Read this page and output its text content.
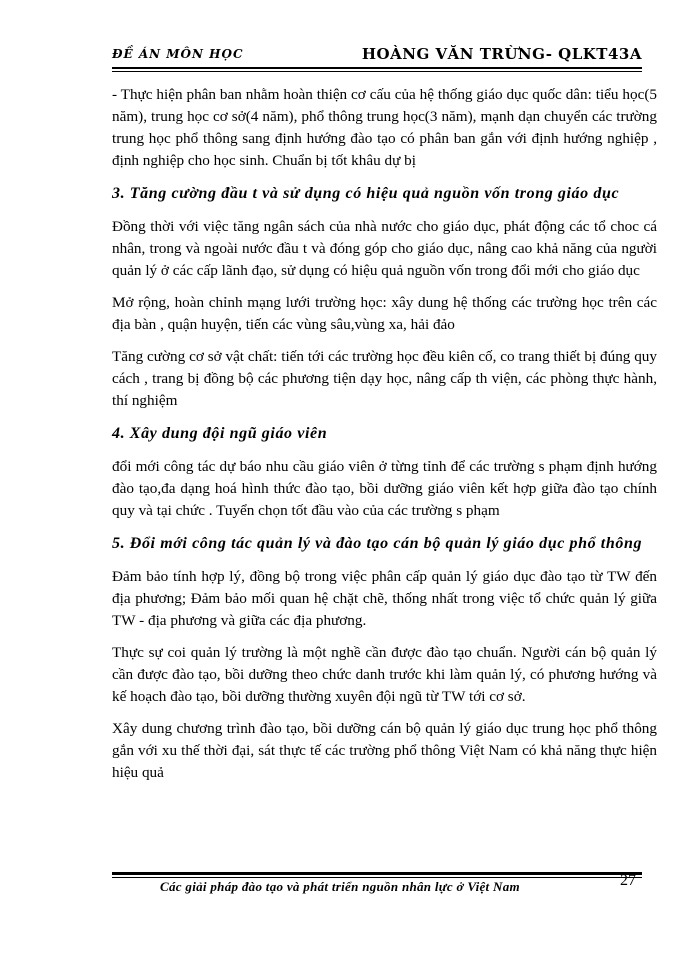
ĐỀ ÁN MÔN HỌC	HOÀNG VĂN TRỪNG- QLKT43A

- Thực hiện phân ban nhằm hoàn thiện cơ cấu của hệ thống giáo dục quốc dân: tiểu học(5 năm), trung học cơ sở(4 năm), phổ thông trung học(3 năm), mạnh dạn chuyển các trường trung học phổ thông sang định hướng đào tạo có phân ban gắn với định hướng nghiệp , định nghiệp cho học sinh. Chuẩn bị tốt khâu dự bị

3. Tăng cường đầu t và sử dụng có hiệu quả nguồn vốn trong giáo dục

Đồng thời với việc tăng ngân sách của nhà nước cho giáo dục, phát động các tổ choc cá nhân, trong và ngoài nước đầu t và đóng góp cho giáo dục, nâng cao khả năng của người quản lý ở các cấp lãnh đạo, sử dụng có hiệu quả nguồn vốn trong đổi mới cho giáo dục

Mở rộng, hoàn chỉnh mạng lưới trường học: xây dung hệ thống các trường học trên các địa bàn , quận huyện, tiến các vùng sâu,vùng xa, hải đảo

Tăng cường cơ sở vật chất: tiến tới các trường học đều kiên cố, co trang thiết bị đúng quy cách , trang bị đồng bộ các phương tiện dạy học, nâng cấp th viện, các phòng thực hành, thí nghiệm

4. Xây dung đội ngũ giáo viên

đổi mới công tác dự báo nhu cầu giáo viên ở từng tỉnh để các trường s phạm định hướng đào tạo,đa dạng hoá hình thức đào tạo, bồi dưỡng giáo viên kết hợp giữa đào tạo chính quy và tại chức . Tuyển chọn tốt đầu vào của các trường s phạm

5. Đổi mới công tác quản lý và đào tạo cán bộ quản lý giáo dục phổ thông

Đảm bảo tính hợp lý, đồng bộ trong việc phân cấp quản lý giáo dục đào tạo từ TW đến địa phương; Đảm bảo mối quan hệ chặt chẽ, thống nhất trong việc tổ chức quản lý giữa TW - địa phương và giữa các địa phương.

Thực sự coi quản lý trường là một nghề cần được đào tạo chuẩn. Người cán bộ quản lý cần được đào tạo, bồi dưỡng theo chức danh trước khi làm quản lý, có phương hướng và kế hoạch đào tạo, bồi dưỡng thường xuyên đội ngũ từ TW tới cơ sở.

Xây dung chương trình đào tạo, bồi dưỡng cán bộ quản lý giáo dục trung học phổ thông gắn với xu thế thời đại, sát thực tế các trường phổ thông Việt Nam có khả năng thực hiện hiệu quả

Các giải pháp đào tạo và phát triển nguồn nhân lực ở Việt Nam	27
